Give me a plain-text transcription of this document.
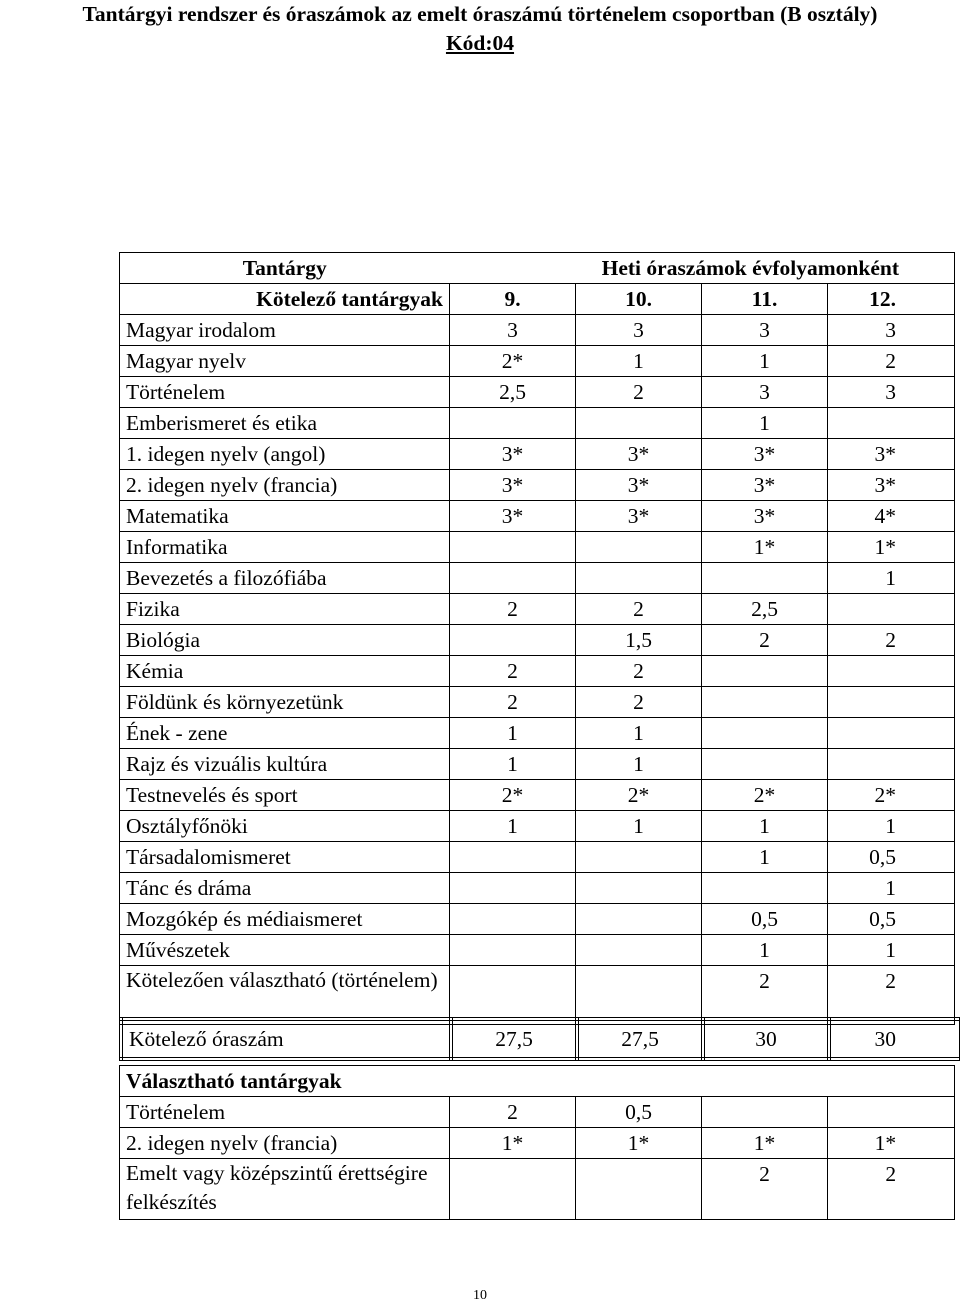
Tantárgyi rendszer és óraszámok az emelt óraszámú történelem csoportban (B osztály)
Kód:04
Tantárgy	Heti óraszámok évfolyamonként			
Kötelező tantárgyak	9.	10.	11.	12.
Magyar irodalom	3	3	3	3
Magyar nyelv	2*	1	1	2
Történelem	2,5	2	3	3
Emberismeret és etika			1	
1. idegen nyelv (angol)	3*	3*	3*	3*
2. idegen nyelv (francia)	3*	3*	3*	3*
Matematika	3*	3*	3*	4*
Informatika			1*	1*
Bevezetés a filozófiába				1
Fizika	2	2	2,5	
Biológia		1,5	2	2
Kémia	2	2		
Földünk és környezetünk	2	2		
Ének - zene	1	1		
Rajz és vizuális kultúra	1	1		
Testnevelés és sport	2*	2*	2*	2*
Osztályfőnöki	1	1	1	1
Társadalomismeret			1	0,5
Tánc és dráma				1
Mozgókép és médiaismeret			0,5	0,5
Művészetek			1	1
Kötelezően választható (történelem)			2	2
Kötelező óraszám	27,5	27,5	30	30
Választható tantárgyak				
Történelem	2	0,5		
2. idegen nyelv (francia)	1*	1*	1*	1*
Emelt vagy középszintű érettségire felkészítés			2	2
10
